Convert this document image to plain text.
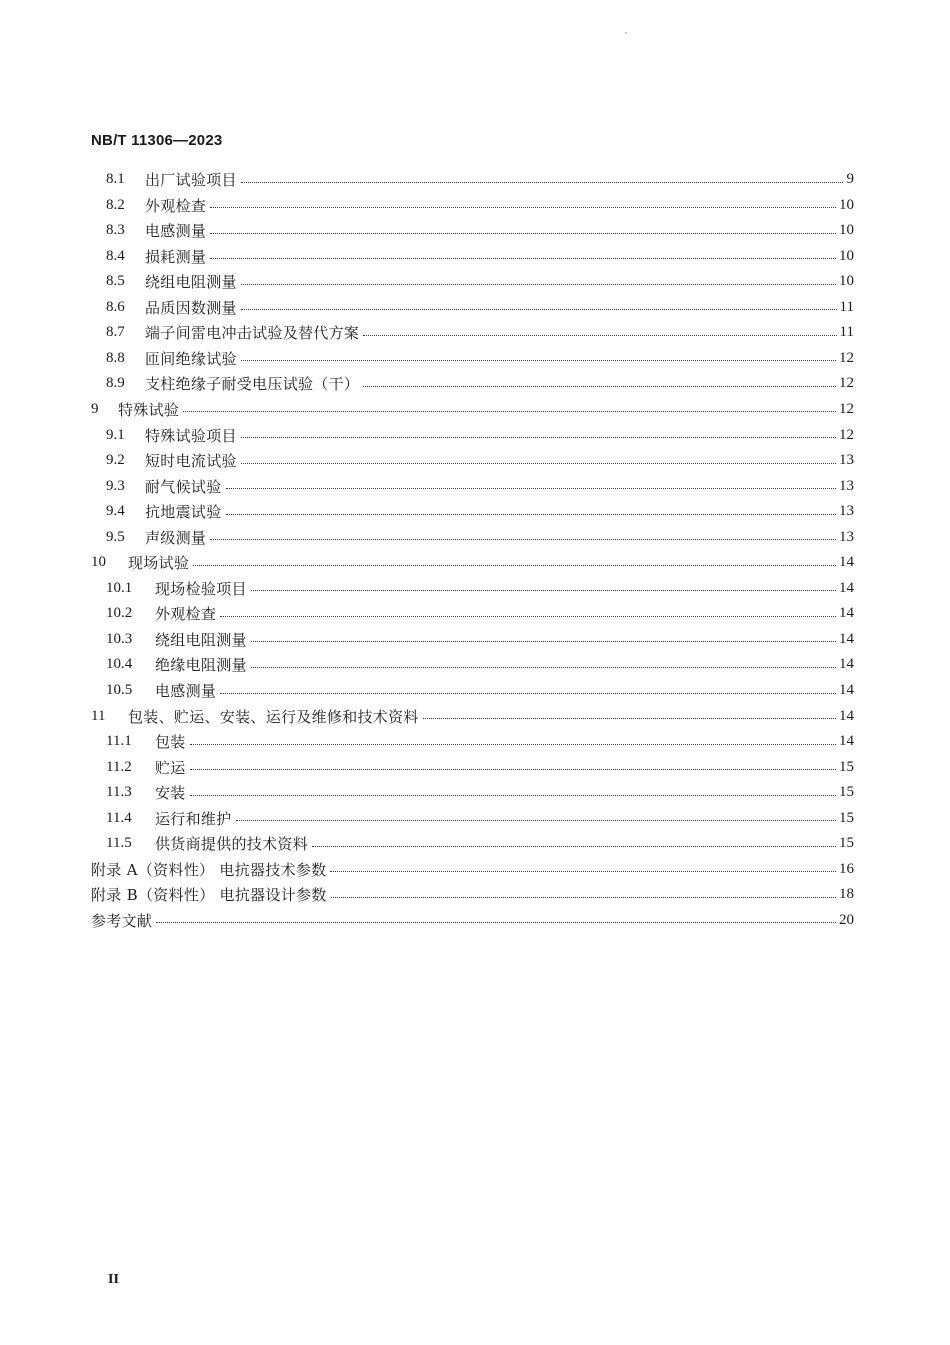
NB/T 11306—2023
8.1	出厂试验项目	9
8.2	外观检查	10
8.3	电感测量	10
8.4	损耗测量	10
8.5	绕组电阻测量	10
8.6	品质因数测量	11
8.7	端子间雷电冲击试验及替代方案	11
8.8	匝间绝缘试验	12
8.9	支柱绝缘子耐受电压试验（干）	12
9	特殊试验	12
9.1	特殊试验项目	12
9.2	短时电流试验	13
9.3	耐气候试验	13
9.4	抗地震试验	13
9.5	声级测量	13
10	现场试验	14
10.1	现场检验项目	14
10.2	外观检查	14
10.3	绕组电阻测量	14
10.4	绝缘电阻测量	14
10.5	电感测量	14
11	包装、贮运、安装、运行及维修和技术资料	14
11.1	包装	14
11.2	贮运	15
11.3	安装	15
11.4	运行和维护	15
11.5	供货商提供的技术资料	15
附录 A（资料性） 电抗器技术参数	16
附录 B（资料性） 电抗器设计参数	18
参考文献	20
II
